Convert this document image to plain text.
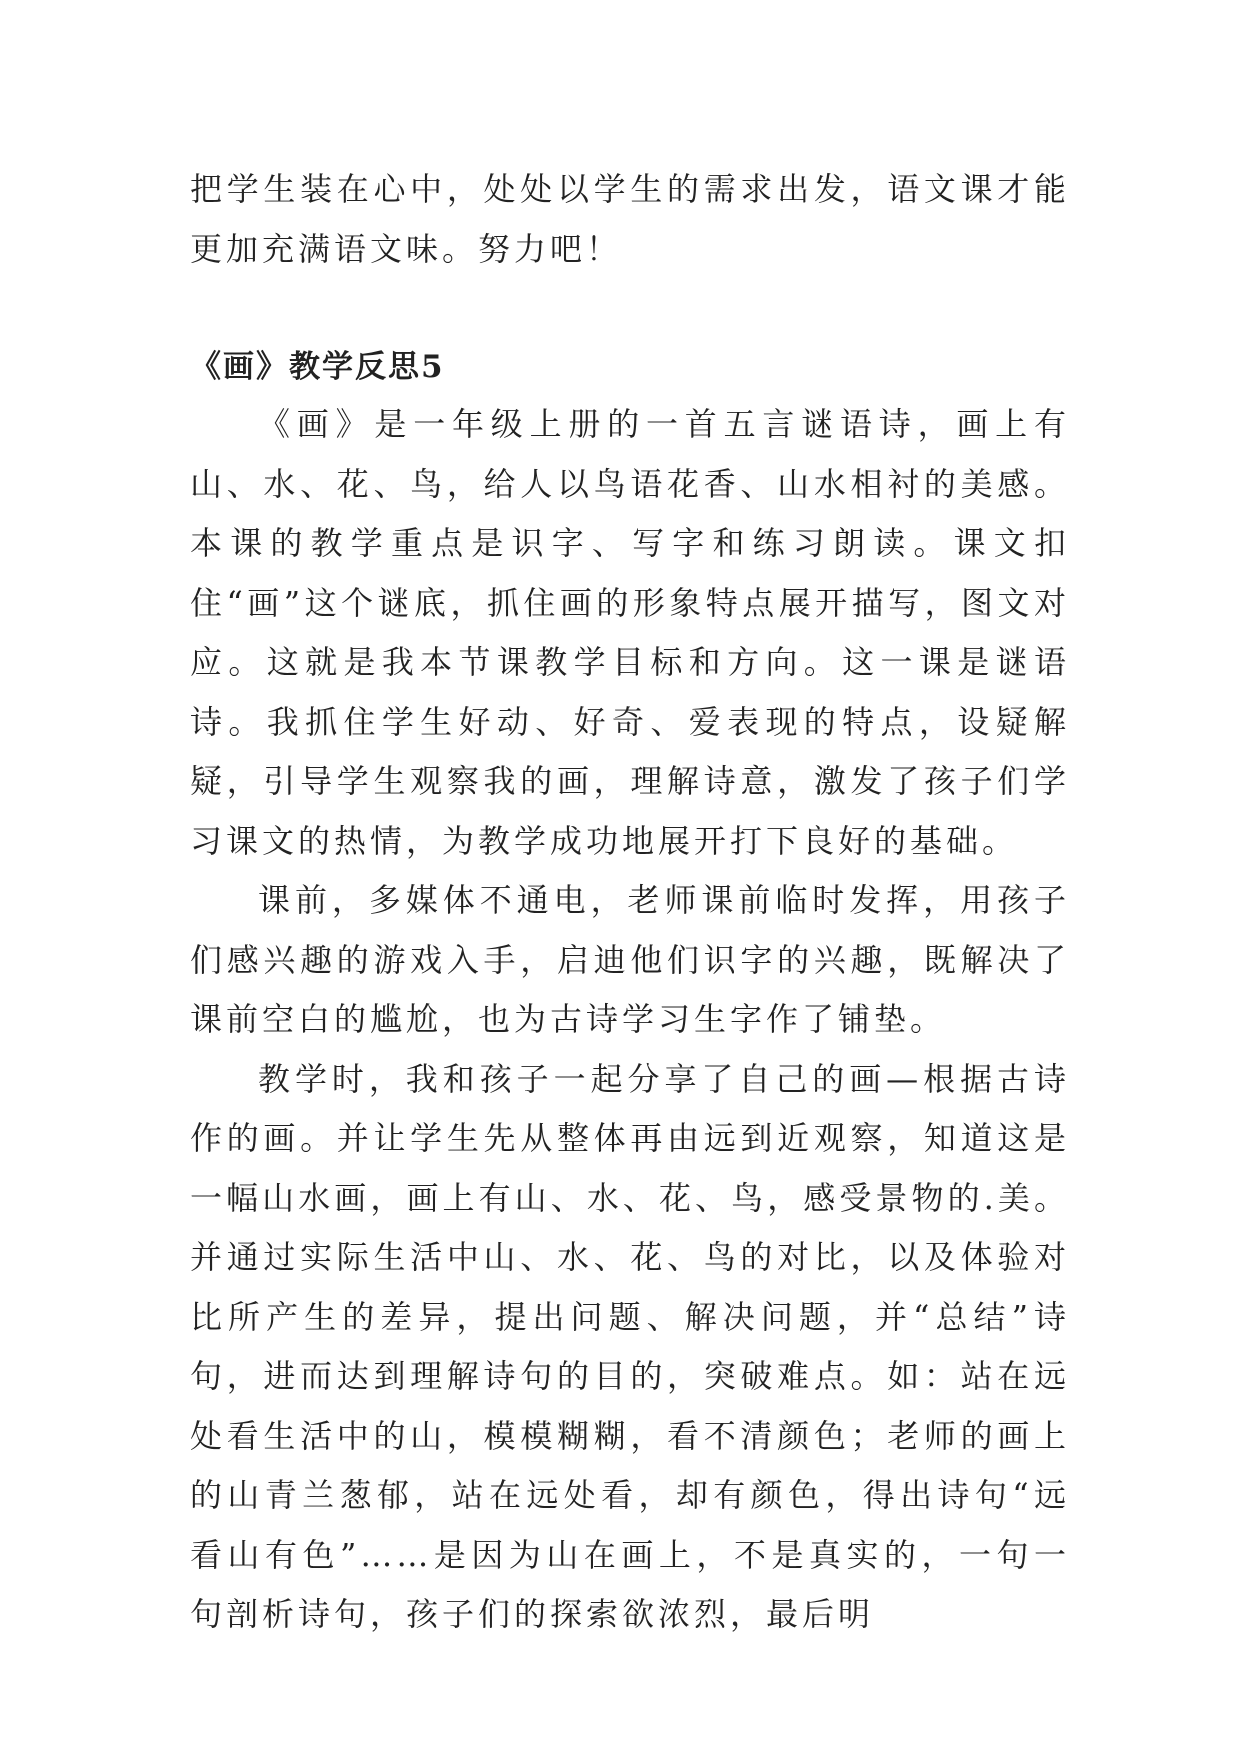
把学生装在心中，处处以学生的需求出发，语文课才能更加充满语文味。努力吧！

《画》教学反思5

《画》是一年级上册的一首五言谜语诗，画上有山、水、花、鸟，给人以鸟语花香、山水相衬的美感。本课的教学重点是识字、写字和练习朗读。课文扣住“画”这个谜底，抓住画的形象特点展开描写，图文对应。这就是我本节课教学目标和方向。这一课是谜语诗。我抓住学生好动、好奇、爱表现的特点，设疑解疑，引导学生观察我的画，理解诗意，激发了孩子们学习课文的热情，为教学成功地展开打下良好的基础。

课前，多媒体不通电，老师课前临时发挥，用孩子们感兴趣的游戏入手，启迪他们识字的兴趣，既解决了课前空白的尴尬，也为古诗学习生字作了铺垫。

教学时，我和孩子一起分享了自己的画—根据古诗作的画。并让学生先从整体再由远到近观察，知道这是一幅山水画，画上有山、水、花、鸟，感受景物的.美。并通过实际生活中山、水、花、鸟的对比，以及体验对比所产生的差异，提出问题、解决问题，并“总结”诗句，进而达到理解诗句的目的，突破难点。如：站在远处看生活中的山，模模糊糊，看不清颜色；老师的画上的山青兰葱郁，站在远处看，却有颜色，得出诗句“远看山有色”……是因为山在画上，不是真实的，一句一句剖析诗句，孩子们的探索欲浓烈，最后明
